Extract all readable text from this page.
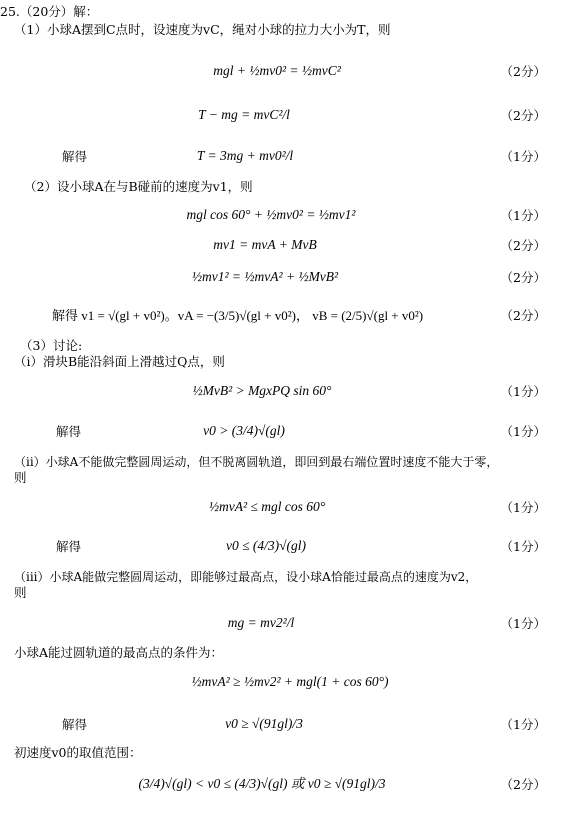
25.（20分）解：
（1）小球A摆到C点时，设速度为vC，绳对小球的拉力大小为T，则
mgl + ½mv0² = ½mvC²	（2分）
T − mg = mvC²/l	（2分）
解得	T = 3mg + mv0²/l	（1分）
（2）设小球A在与B碰前的速度为v1，则
mgl cos 60° + ½mv0² = ½mv1²	（1分）
mv1 = mvA + MvB	（2分）
½mv1² = ½mvA² + ½MvB²	（2分）
解得 v1 = √(gl + v0²)。vA = −(3/5)√(gl + v0²)， vB = (2/5)√(gl + v0²)	（2分）
（3）讨论:
（i）滑块B能沿斜面上滑越过Q点，则
½MvB² > MgxPQ sin 60°	（1分）
解得	v0 > (3/4)√(gl)	（1分）
（ii）小球A不能做完整圆周运动，但不脱离圆轨道，即回到最右端位置时速度不能大于零，
则
½mvA² ≤ mgl cos 60°	（1分）
解得	v0 ≤ (4/3)√(gl)	（1分）
（iii）小球A能做完整圆周运动，即能够过最高点，设小球A恰能过最高点的速度为v2，
则
mg = mv2²/l	（1分）
小球A能过圆轨道的最高点的条件为：
½mvA² ≥ ½mv2² + mgl(1 + cos 60°)
解得	v0 ≥ √(91gl)/3	（1分）
初速度v0的取值范围：
(3/4)√(gl) < v0 ≤ (4/3)√(gl) 或 v0 ≥ √(91gl)/3	（2分）
